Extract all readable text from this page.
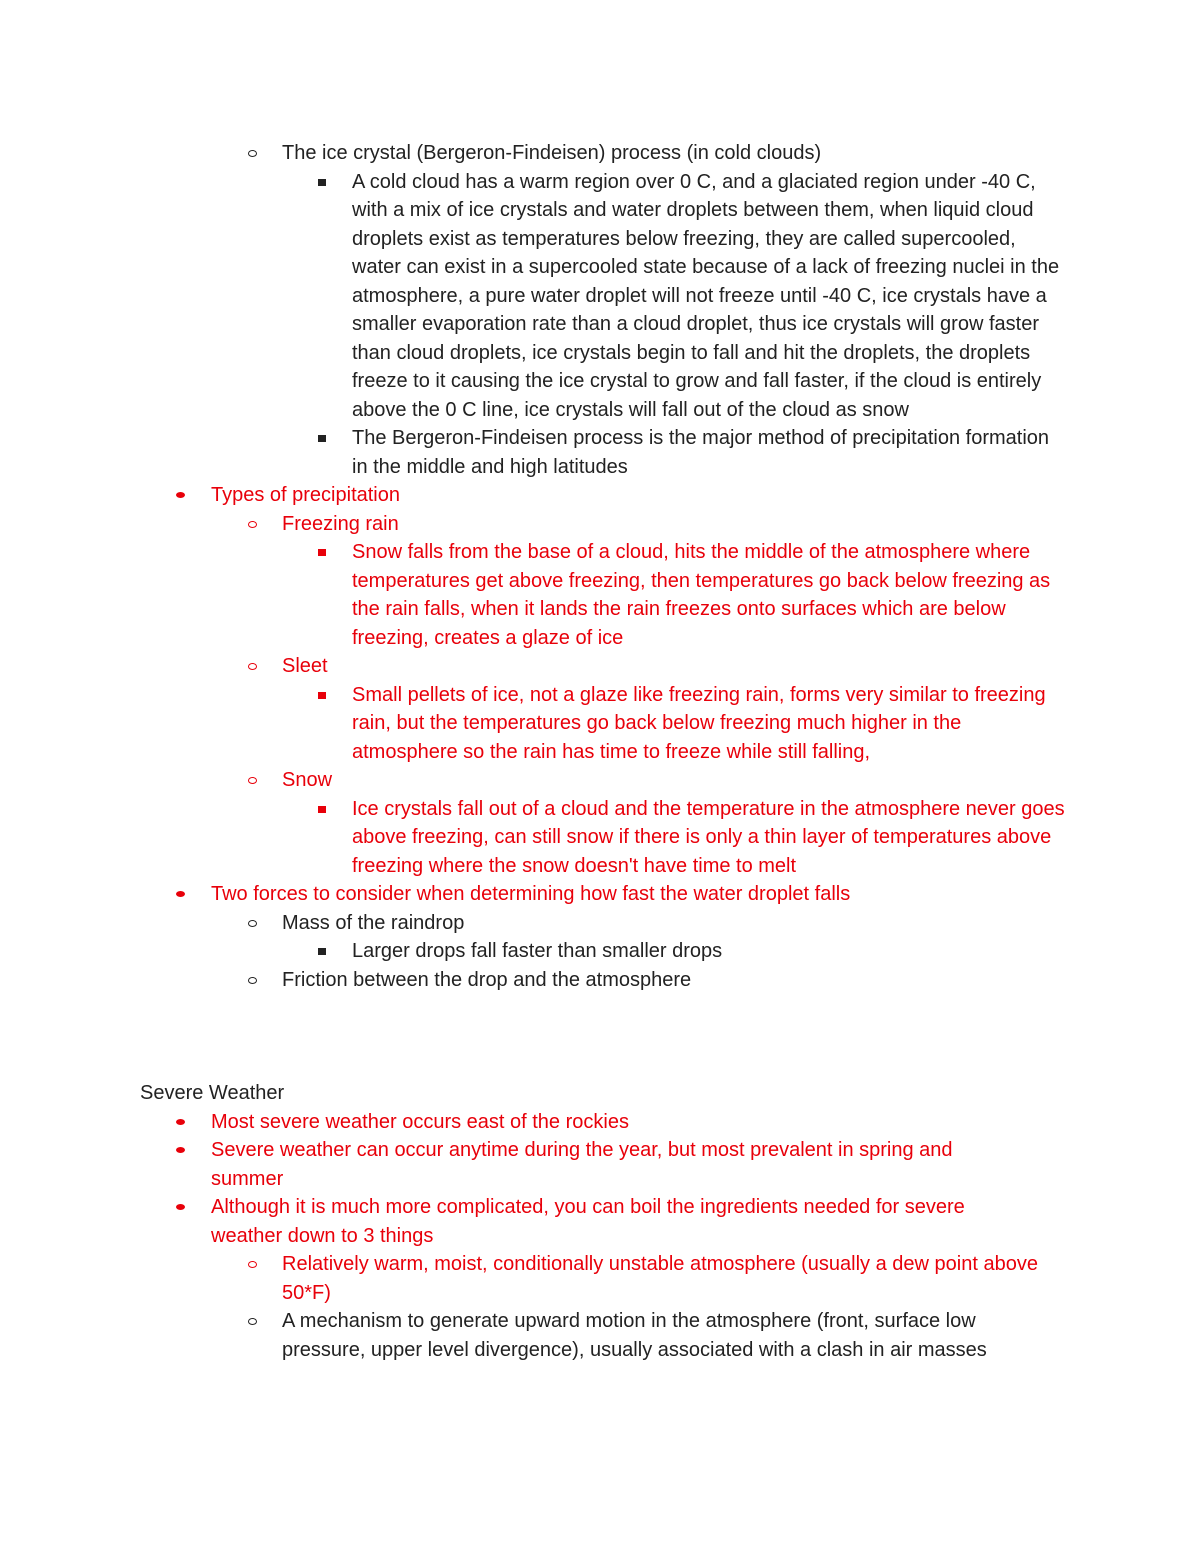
The ice crystal (Bergeron-Findeisen) process (in cold clouds)
A cold cloud has a warm region over 0 C, and a glaciated region under -40 C, with a mix of ice crystals and water droplets between them, when liquid cloud droplets exist as temperatures below freezing, they are called supercooled, water can exist in a supercooled state because of a lack of freezing nuclei in the atmosphere, a pure water droplet will not freeze until -40 C, ice crystals have a smaller evaporation rate than a cloud droplet, thus ice crystals will grow faster than cloud droplets, ice crystals begin to fall and hit the droplets, the droplets freeze to it causing the ice crystal to grow and fall faster, if the cloud is entirely above the 0 C line, ice crystals will fall out of the cloud as snow
The Bergeron-Findeisen process is the major method of precipitation formation in the middle and high latitudes
Types of precipitation
Freezing rain
Snow falls from the base of a cloud, hits the middle of the atmosphere where temperatures get above freezing, then temperatures go back below freezing as the rain falls, when it lands the rain freezes onto surfaces which are below freezing, creates a glaze of ice
Sleet
Small pellets of ice, not a glaze like freezing rain, forms very similar to freezing rain, but the temperatures go back below freezing much higher in the atmosphere so the rain has time to freeze while still falling,
Snow
Ice crystals fall out of a cloud and the temperature in the atmosphere never goes above freezing, can still snow if there is only a thin layer of temperatures above freezing where the snow doesn't have time to melt
Two forces to consider when determining how fast the water droplet falls
Mass of the raindrop
Larger drops fall faster than smaller drops
Friction between the drop and the atmosphere
Severe Weather
Most severe weather occurs east of the rockies
Severe weather can occur anytime during the year, but most prevalent in spring and summer
Although it is much more complicated, you can boil the ingredients needed for severe weather down to 3 things
Relatively warm, moist, conditionally unstable atmosphere (usually a dew point above 50*F)
A mechanism to generate upward motion in the atmosphere (front, surface low pressure, upper level divergence), usually associated with a clash in air masses
